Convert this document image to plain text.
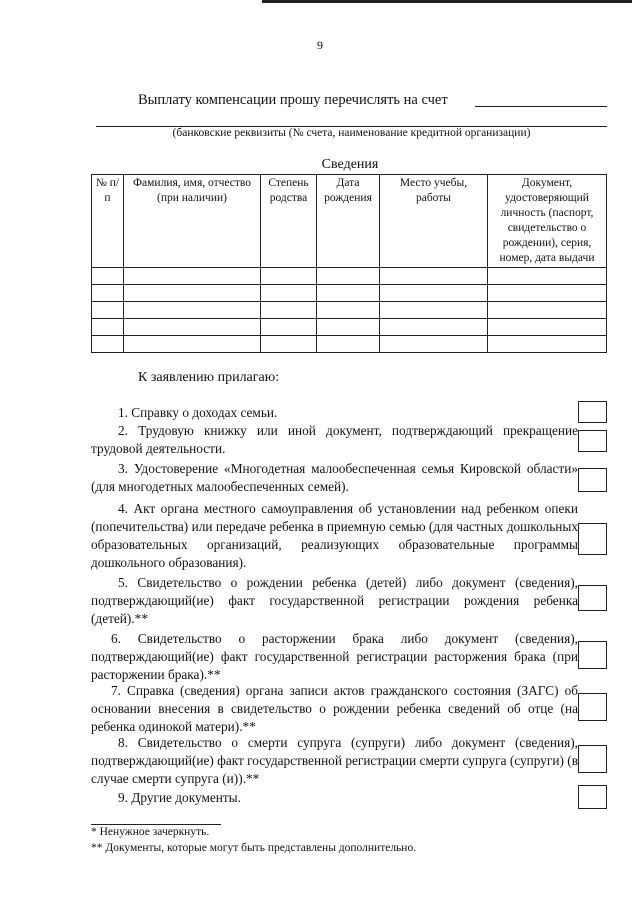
9
Выплату компенсации прошу перечислять на счет
(банковские реквизиты (№ счета, наименование кредитной организации)
Сведения
№ п/п	Фамилия, имя, отчество (при наличии)	Степень родства	Дата рождения	Место учебы, работы	Документ, удостоверяющий личность (паспорт, свидетельство о рождении), серия, номер, дата выдачи

К заявлению прилагаю:

1. Справку о доходах семьи.

2. Трудовую книжку или иной документ, подтверждающий прекращение трудовой деятельности.

3. Удостоверение «Многодетная малообеспеченная семья Кировской области» (для многодетных малообеспеченных семей).

4. Акт органа местного самоуправления об установлении над ребенком опеки (попечительства) или передаче ребенка в приемную семью (для частных дошкольных образовательных организаций, реализующих образовательные программы дошкольного образования).

5. Свидетельство о рождении ребенка (детей) либо документ (сведения), подтверждающий(ие) факт государственной регистрации рождения ребенка (детей).**

6. Свидетельство о расторжении брака либо документ (сведения), подтверждающий(ие) факт государственной регистрации расторжения брака (при расторжении брака).**

7. Справка (сведения) органа записи актов гражданского состояния (ЗАГС) об основании внесения в свидетельство о рождении ребенка сведений об отце (на ребенка одинокой матери).**

8. Свидетельство о смерти супруга (супруги) либо документ (сведения), подтверждающий(ие) факт государственной регистрации смерти супруга (супруги) (в случае смерти супруга (и)).**

9. Другие документы.

* Ненужное зачеркнуть.
** Документы, которые могут быть представлены дополнительно.
